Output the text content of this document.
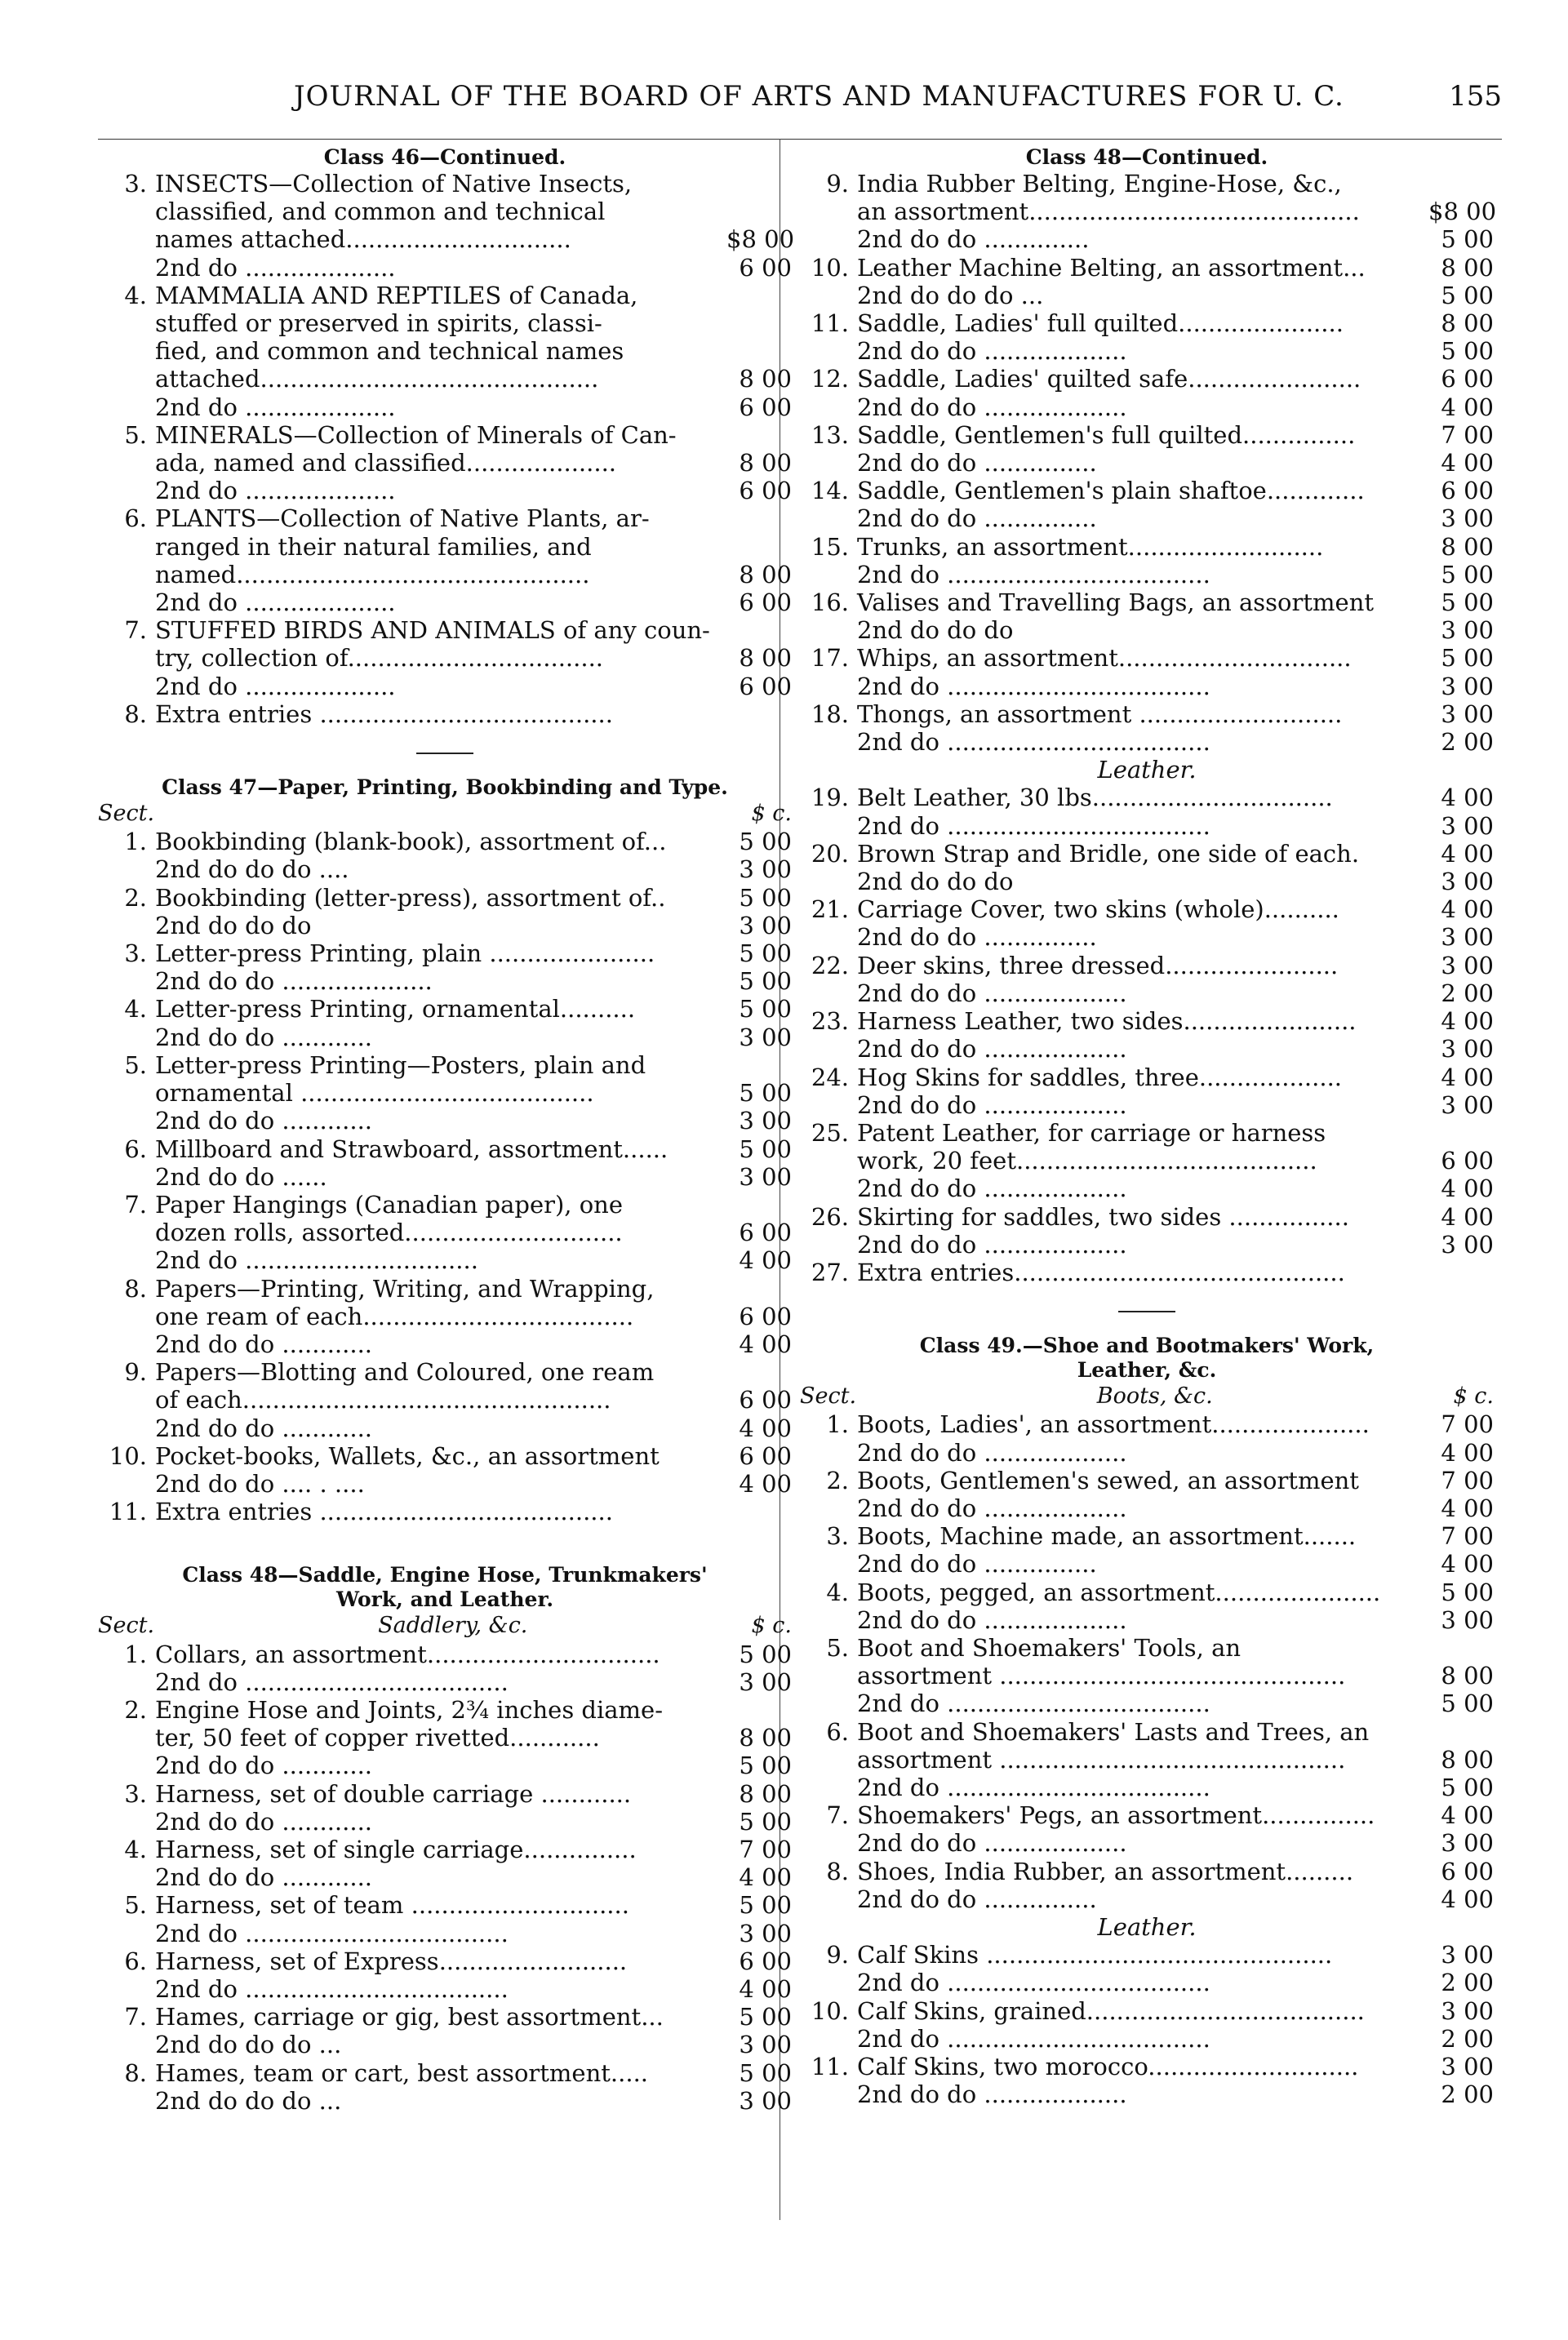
JOURNAL OF THE BOARD OF ARTS AND MANUFACTURES FOR U. C.	155
Class 46—Continued.
3. INSECTS—Collection of Native Insects,
classified, and common and technical
names attached..............................	$8 00
2nd do ....................	6 00
4. MAMMALIA AND REPTILES of Canada,
stuffed or preserved in spirits, classi-
fied, and common and technical names
attached.............................................	8 00
2nd do ....................	6 00
5. MINERALS—Collection of Minerals of Can-
ada, named and classified....................	8 00
2nd do ....................	6 00
6. PLANTS—Collection of Native Plants, ar-
ranged in their natural families, and
named...............................................	8 00
2nd do ....................	6 00
7. STUFFED BIRDS AND ANIMALS of any coun-
try, collection of..................................	8 00
2nd do ....................	6 00
8. Extra entries .......................................
Class 47—Paper, Printing, Bookbinding and Type.
Sect.	$ c.
1. Bookbinding (blank-book), assortment of...	5 00
2nd do do do ....	3 00
2. Bookbinding (letter-press), assortment of..	5 00
2nd do do do	3 00
3. Letter-press Printing, plain ......................	5 00
2nd do do ....................	5 00
4. Letter-press Printing, ornamental..........	5 00
2nd do do ............	3 00
5. Letter-press Printing—Posters, plain and
ornamental .......................................	5 00
2nd do do ............	3 00
6. Millboard and Strawboard, assortment......	5 00
2nd do do ......	3 00
7. Paper Hangings (Canadian paper), one
dozen rolls, assorted.............................	6 00
2nd do ...............................	4 00
8. Papers—Printing, Writing, and Wrapping,
one ream of each....................................	6 00
2nd do do ............	4 00
9. Papers—Blotting and Coloured, one ream
of each.................................................	6 00
2nd do do ............	4 00
10. Pocket-books, Wallets, &c., an assortment	6 00
2nd do do .... . ....	4 00
11. Extra entries .......................................
Class 48—Saddle, Engine Hose, Trunkmakers'
Work, and Leather.
Sect.	Saddlery, &c.	$ c.
1. Collars, an assortment...............................	5 00
2nd do ...................................	3 00
2. Engine Hose and Joints, 2¾ inches diame-
ter, 50 feet of copper rivetted............	8 00
2nd do do ............	5 00
3. Harness, set of double carriage ............	8 00
2nd do do ............	5 00
4. Harness, set of single carriage...............	7 00
2nd do do ............	4 00
5. Harness, set of team .............................	5 00
2nd do ...................................	3 00
6. Harness, set of Express.........................	6 00
2nd do ...................................	4 00
7. Hames, carriage or gig, best assortment...	5 00
2nd do do do ...	3 00
8. Hames, team or cart, best assortment.....	5 00
2nd do do do ...	3 00
Class 48—Continued.
9. India Rubber Belting, Engine-Hose, &c.,
an assortment............................................	$8 00
2nd do do ..............	5 00
10. Leather Machine Belting, an assortment...	8 00
2nd do do do ...	5 00
11. Saddle, Ladies' full quilted......................	8 00
2nd do do ...................	5 00
12. Saddle, Ladies' quilted safe.......................	6 00
2nd do do ...................	4 00
13. Saddle, Gentlemen's full quilted...............	7 00
2nd do do ...............	4 00
14. Saddle, Gentlemen's plain shaftoe.............	6 00
2nd do do ...............	3 00
15. Trunks, an assortment..........................	8 00
2nd do ...................................	5 00
16. Valises and Travelling Bags, an assortment	5 00
2nd do do do	3 00
17. Whips, an assortment...............................	5 00
2nd do ...................................	3 00
18. Thongs, an assortment ...........................	3 00
2nd do ...................................	2 00
Leather.
19. Belt Leather, 30 lbs................................	4 00
2nd do ...................................	3 00
20. Brown Strap and Bridle, one side of each.	4 00
2nd do do do	3 00
21. Carriage Cover, two skins (whole)..........	4 00
2nd do do ...............	3 00
22. Deer skins, three dressed.......................	3 00
2nd do do ...................	2 00
23. Harness Leather, two sides.......................	4 00
2nd do do ...................	3 00
24. Hog Skins for saddles, three...................	4 00
2nd do do ...................	3 00
25. Patent Leather, for carriage or harness
work, 20 feet........................................	6 00
2nd do do ...................	4 00
26. Skirting for saddles, two sides ................	4 00
2nd do do ...................	3 00
27. Extra entries............................................
Class 49.—Shoe and Bootmakers' Work,
Leather, &c.
Sect.	Boots, &c.	$ c.
1. Boots, Ladies', an assortment.....................	7 00
2nd do do ...................	4 00
2. Boots, Gentlemen's sewed, an assortment	7 00
2nd do do ...................	4 00
3. Boots, Machine made, an assortment.......	7 00
2nd do do ...............	4 00
4. Boots, pegged, an assortment......................	5 00
2nd do do ...................	3 00
5. Boot and Shoemakers' Tools, an
assortment ..............................................	8 00
2nd do ...................................	5 00
6. Boot and Shoemakers' Lasts and Trees, an
assortment ..............................................	8 00
2nd do ...................................	5 00
7. Shoemakers' Pegs, an assortment...............	4 00
2nd do do ...................	3 00
8. Shoes, India Rubber, an assortment.........	6 00
2nd do do ...............	4 00
Leather.
9. Calf Skins ..............................................	3 00
2nd do ...................................	2 00
10. Calf Skins, grained.....................................	3 00
2nd do ...................................	2 00
11. Calf Skins, two morocco............................	3 00
2nd do do ...................	2 00
